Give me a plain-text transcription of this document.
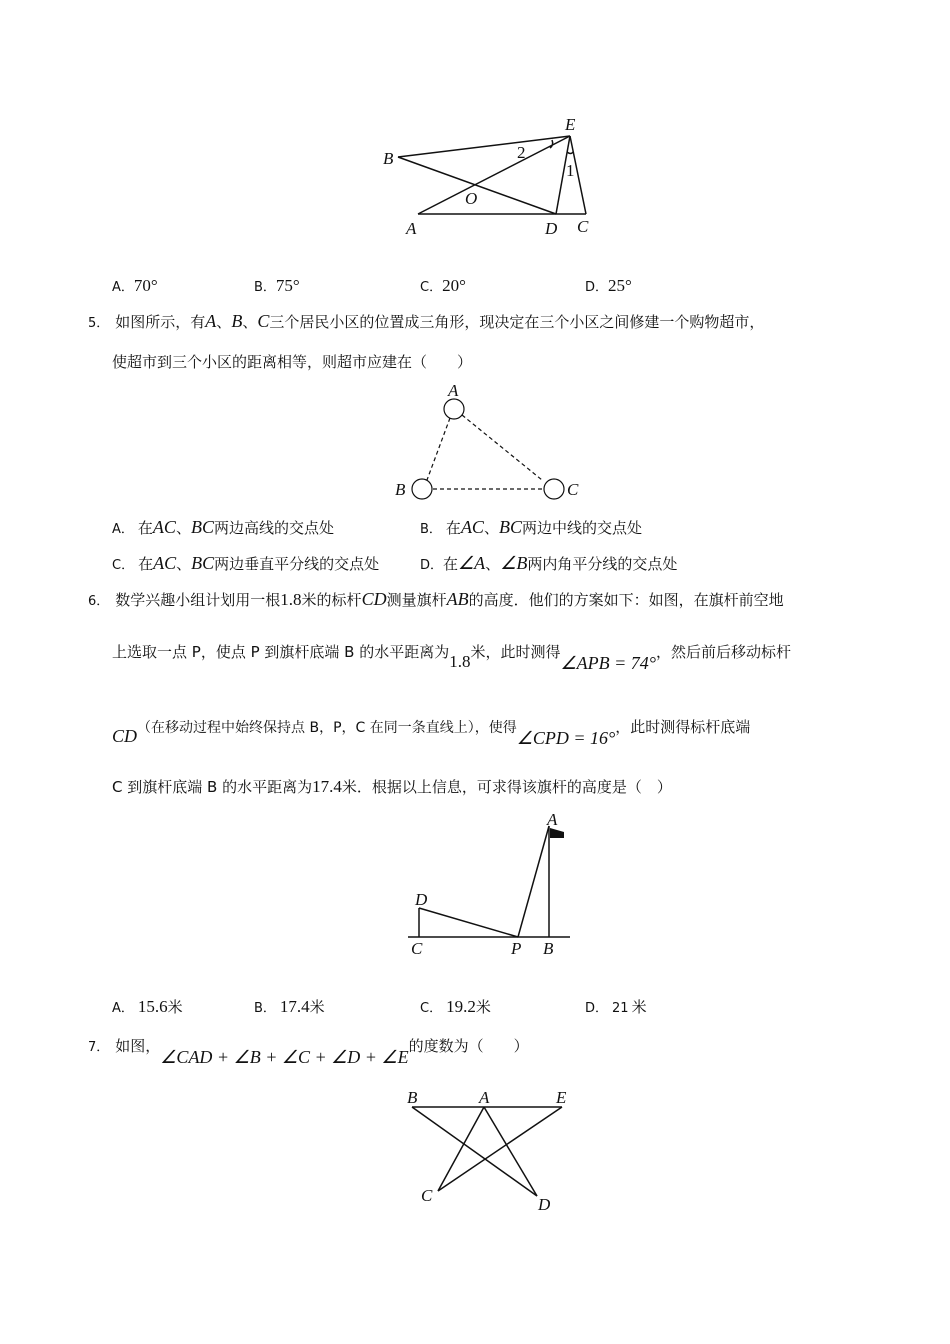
B
E
O
A	D C
2
1
A．70°	B．75°	C．20°	D．25°
5． 如图所示，有A、B、C三个居民小区的位置成三角形，现决定在三个小区之间修建一个购物超市，
使超市到三个小区的距离相等，则超市应建在（　　）
A
B	C
A． 在AC、BC两边高线的交点处	B． 在AC、BC两边中线的交点处
C． 在AC、BC两边垂直平分线的交点处	D．在∠A、∠B两内角平分线的交点处
6． 数学兴趣小组计划用一根1.8米的标杆CD测量旗杆AB的高度．他们的方案如下：如图，在旗杆前空地
上选取一点 P，使点 P 到旗杆底端 B 的水平距离为1.8米，此时测得∠APB = 74°，然后前后移动标杆
CD（在移动过程中始终保持点 B，P，C 在同一条直线上），使得∠CPD = 16°，此时测得标杆底端
C 到旗杆底端 B 的水平距离为17.4米．根据以上信息，可求得该旗杆的高度是（　）
A
D
C	P B
A． 15.6米	B． 17.4米	C． 19.2米	D． 21 米
7． 如图，∠CAD + ∠B + ∠C + ∠D + ∠E的度数为（　　）
B	A	E
C	D
